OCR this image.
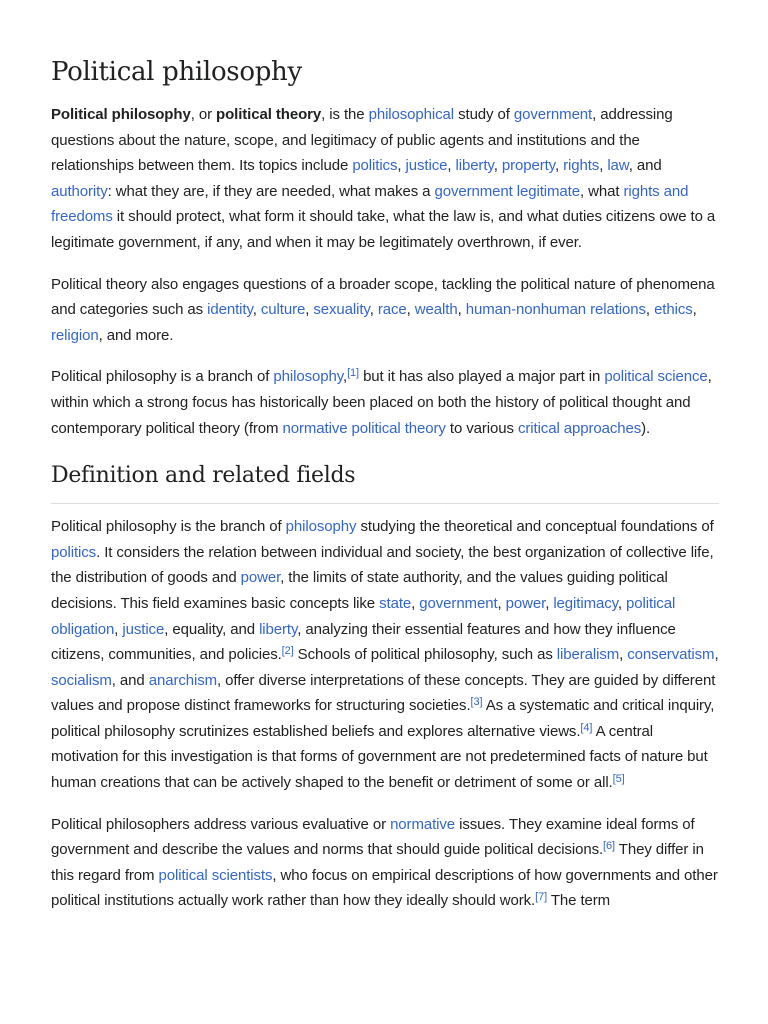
Political philosophy

Political philosophy, or political theory, is the philosophical study of government, addressing questions about the nature, scope, and legitimacy of public agents and institutions and the relationships between them. Its topics include politics, justice, liberty, property, rights, law, and authority: what they are, if they are needed, what makes a government legitimate, what rights and freedoms it should protect, what form it should take, what the law is, and what duties citizens owe to a legitimate government, if any, and when it may be legitimately overthrown, if ever.

Political theory also engages questions of a broader scope, tackling the political nature of phenomena and categories such as identity, culture, sexuality, race, wealth, human-nonhuman relations, ethics, religion, and more.

Political philosophy is a branch of philosophy,[1] but it has also played a major part in political science, within which a strong focus has historically been placed on both the history of political thought and contemporary political theory (from normative political theory to various critical approaches).

Definition and related fields

Political philosophy is the branch of philosophy studying the theoretical and conceptual foundations of politics. It considers the relation between individual and society, the best organization of collective life, the distribution of goods and power, the limits of state authority, and the values guiding political decisions. This field examines basic concepts like state, government, power, legitimacy, political obligation, justice, equality, and liberty, analyzing their essential features and how they influence citizens, communities, and policies.[2] Schools of political philosophy, such as liberalism, conservatism, socialism, and anarchism, offer diverse interpretations of these concepts. They are guided by different values and propose distinct frameworks for structuring societies.[3] As a systematic and critical inquiry, political philosophy scrutinizes established beliefs and explores alternative views.[4] A central motivation for this investigation is that forms of government are not predetermined facts of nature but human creations that can be actively shaped to the benefit or detriment of some or all.[5]

Political philosophers address various evaluative or normative issues. They examine ideal forms of government and describe the values and norms that should guide political decisions.[6] They differ in this regard from political scientists, who focus on empirical descriptions of how governments and other political institutions actually work rather than how they ideally should work.[7] The term
